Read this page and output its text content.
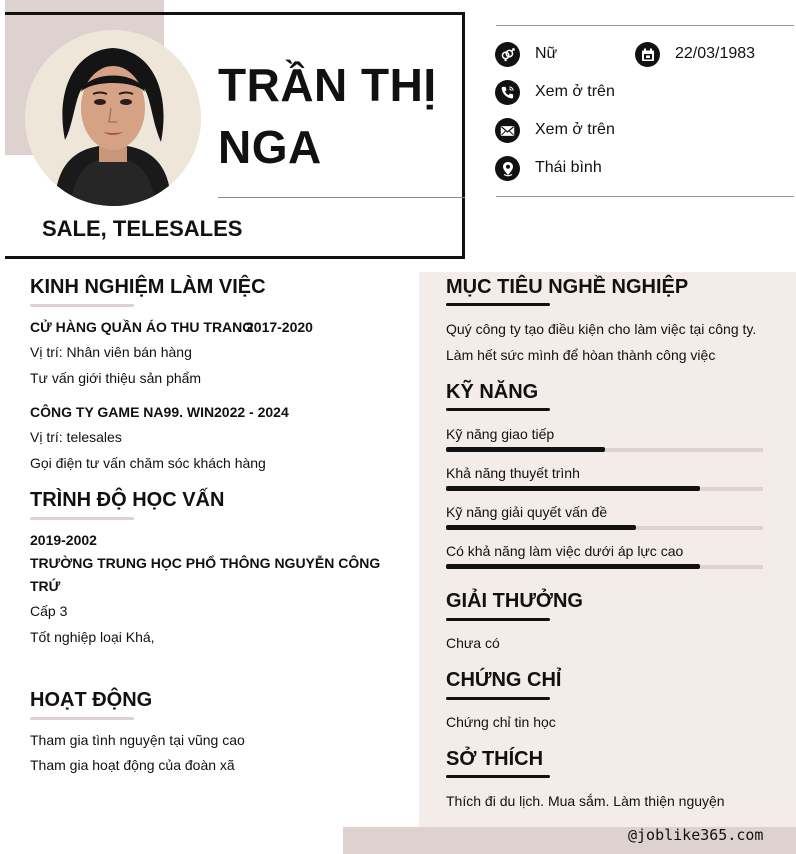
TRẦN THỊ
NGA
SALE, TELESALES
Nữ	22/03/1983
Xem ở trên
Xem ở trên
Thái bình
KINH NGHIỆM LÀM VIỆC
CỬ HÀNG QUẦN ÁO THU TRANG
2017-2020
Vị trí: Nhân viên bán hàng
Tư vấn giới thiệu sản phẩm
CÔNG TY GAME NA99. WIN 2022 - 2024
Vị trí: telesales
Gọi điện tư vấn chăm sóc khách hàng
TRÌNH ĐỘ HỌC VẤN
2019-2002
TRƯỜNG TRUNG HỌC PHỔ THÔNG NGUYỄN CÔNG
TRỨ
Cấp 3
Tốt nghiệp loại Khá,
HOẠT ĐỘNG
Tham gia tình nguyện tại vũng cao
Tham gia hoạt động của đoàn xã
MỤC TIÊU NGHỀ NGHIỆP
Quý công ty tạo điều kiện cho làm việc tại công ty.
Làm hết sức mình để hòan thành công việc
KỸ NĂNG
Kỹ năng giao tiếp
Khả năng thuyết trình
Kỹ năng giải quyết vấn đề
Có khả năng làm việc dưới áp lực cao
GIẢI THƯỞNG
Chưa có
CHỨNG CHỈ
Chứng chỉ tin học
SỞ THÍCH
Thích đi du lịch. Mua sắm. Làm thiện nguyện
@joblike365.com
